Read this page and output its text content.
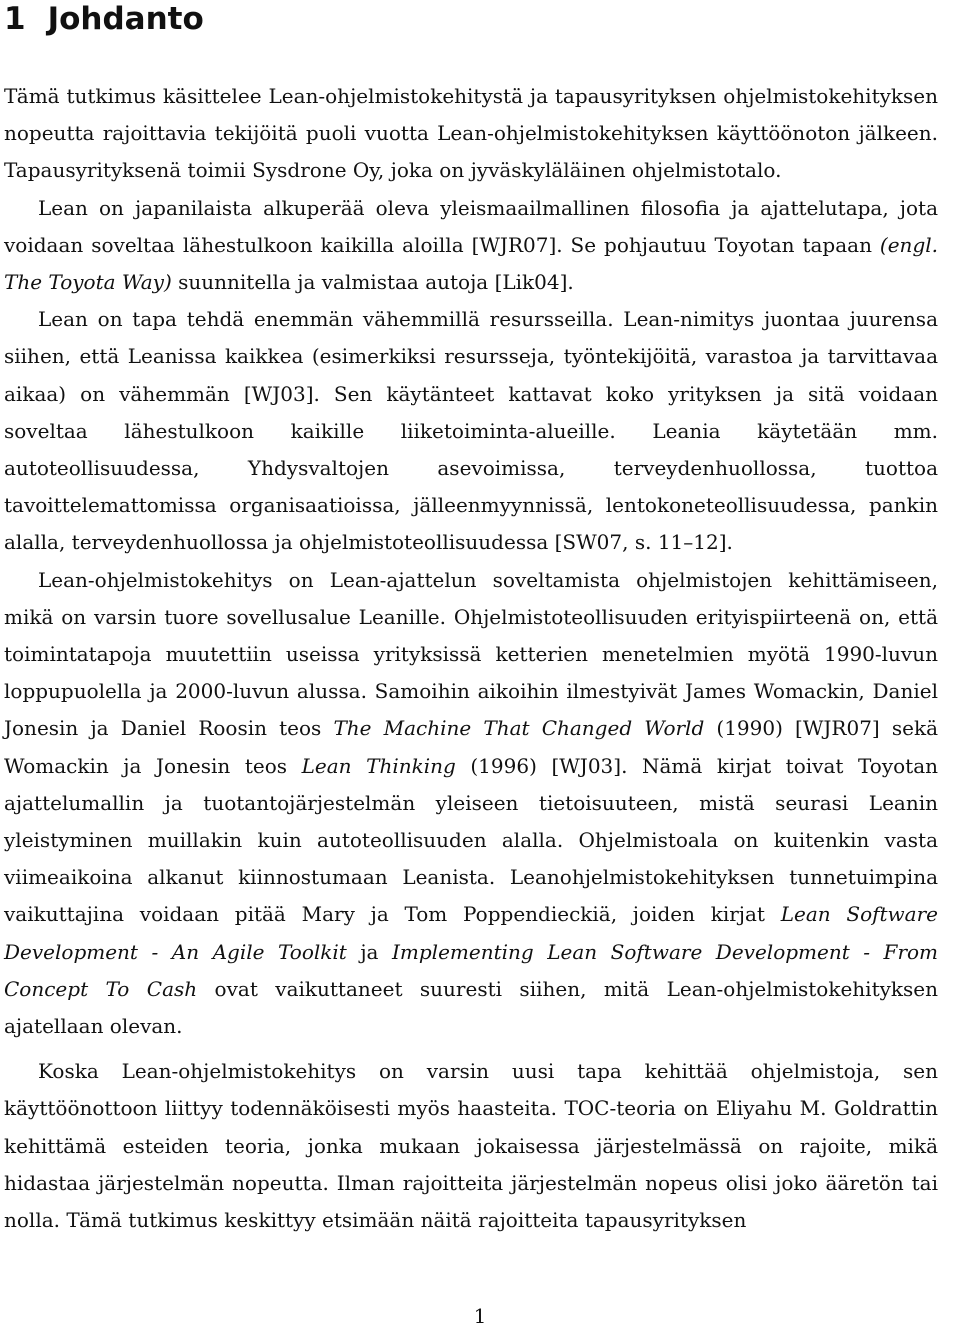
1 Johdanto

Tämä tutkimus käsittelee Lean-ohjelmistokehitystä ja tapausyrityksen ohjelmistokehityksen nopeutta rajoittavia tekijöitä puoli vuotta Lean-ohjelmistokehityksen käyttöönoton jälkeen. Tapausyrityksenä toimii Sysdrone Oy, joka on jyväskyläläinen ohjelmistotalo.

Lean on japanilaista alkuperää oleva yleismaailmallinen filosofia ja ajattelutapa, jota voidaan soveltaa lähestulkoon kaikilla aloilla [WJR07]. Se pohjautuu Toyotan tapaan (engl. The Toyota Way) suunnitella ja valmistaa autoja [Lik04].

Lean on tapa tehdä enemmän vähemmillä resursseilla. Lean-nimitys juontaa juurensa siihen, että Leanissa kaikkea (esimerkiksi resursseja, työntekijöitä, varastoa ja tarvittavaa aikaa) on vähemmän [WJ03]. Sen käytänteet kattavat koko yrityksen ja sitä voidaan soveltaa lähestulkoon kaikille liiketoiminta-alueille. Leania käytetään mm. autoteollisuudessa, Yhdysvaltojen asevoimissa, terveydenhuollossa, tuottoa tavoittelemattomissa organisaatioissa, jälleenmyynnissä, lentokoneteollisuudessa, pankin alalla, terveydenhuollossa ja ohjelmistoteollisuudessa [SW07, s. 11–12].

Lean-ohjelmistokehitys on Lean-ajattelun soveltamista ohjelmistojen kehittämiseen, mikä on varsin tuore sovellusalue Leanille. Ohjelmistoteollisuuden erityispiirteenä on, että toimintatapoja muutettiin useissa yrityksissä ketterien menetelmien myötä 1990-luvun loppupuolella ja 2000-luvun alussa. Samoihin aikoihin ilmestyivät James Womackin, Daniel Jonesin ja Daniel Roosin teos The Machine That Changed World (1990) [WJR07] sekä Womackin ja Jonesin teos Lean Thinking (1996) [WJ03]. Nämä kirjat toivat Toyotan ajattelumallin ja tuotantojärjestelmän yleiseen tietoisuuteen, mistä seurasi Leanin yleistyminen muillakin kuin autoteollisuuden alalla. Ohjelmistoala on kuitenkin vasta viimeaikoina alkanut kiinnostumaan Leanista. Leanohjelmistokehityksen tunnetuimpina vaikuttajina voidaan pitää Mary ja Tom Poppendieckiä, joiden kirjat Lean Software Development - An Agile Toolkit ja Implementing Lean Software Development - From Concept To Cash ovat vaikuttaneet suuresti siihen, mitä Lean-ohjelmistokehityksen ajatellaan olevan.

Koska Lean-ohjelmistokehitys on varsin uusi tapa kehittää ohjelmistoja, sen käyttöönottoon liittyy todennäköisesti myös haasteita. TOC-teoria on Eliyahu M. Goldrattin kehittämä esteiden teoria, jonka mukaan jokaisessa järjestelmässä on rajoite, mikä hidastaa järjestelmän nopeutta. Ilman rajoitteita järjestelmän nopeus olisi joko ääretön tai nolla. Tämä tutkimus keskittyy etsimään näitä rajoitteita tapausyrityksen

1
